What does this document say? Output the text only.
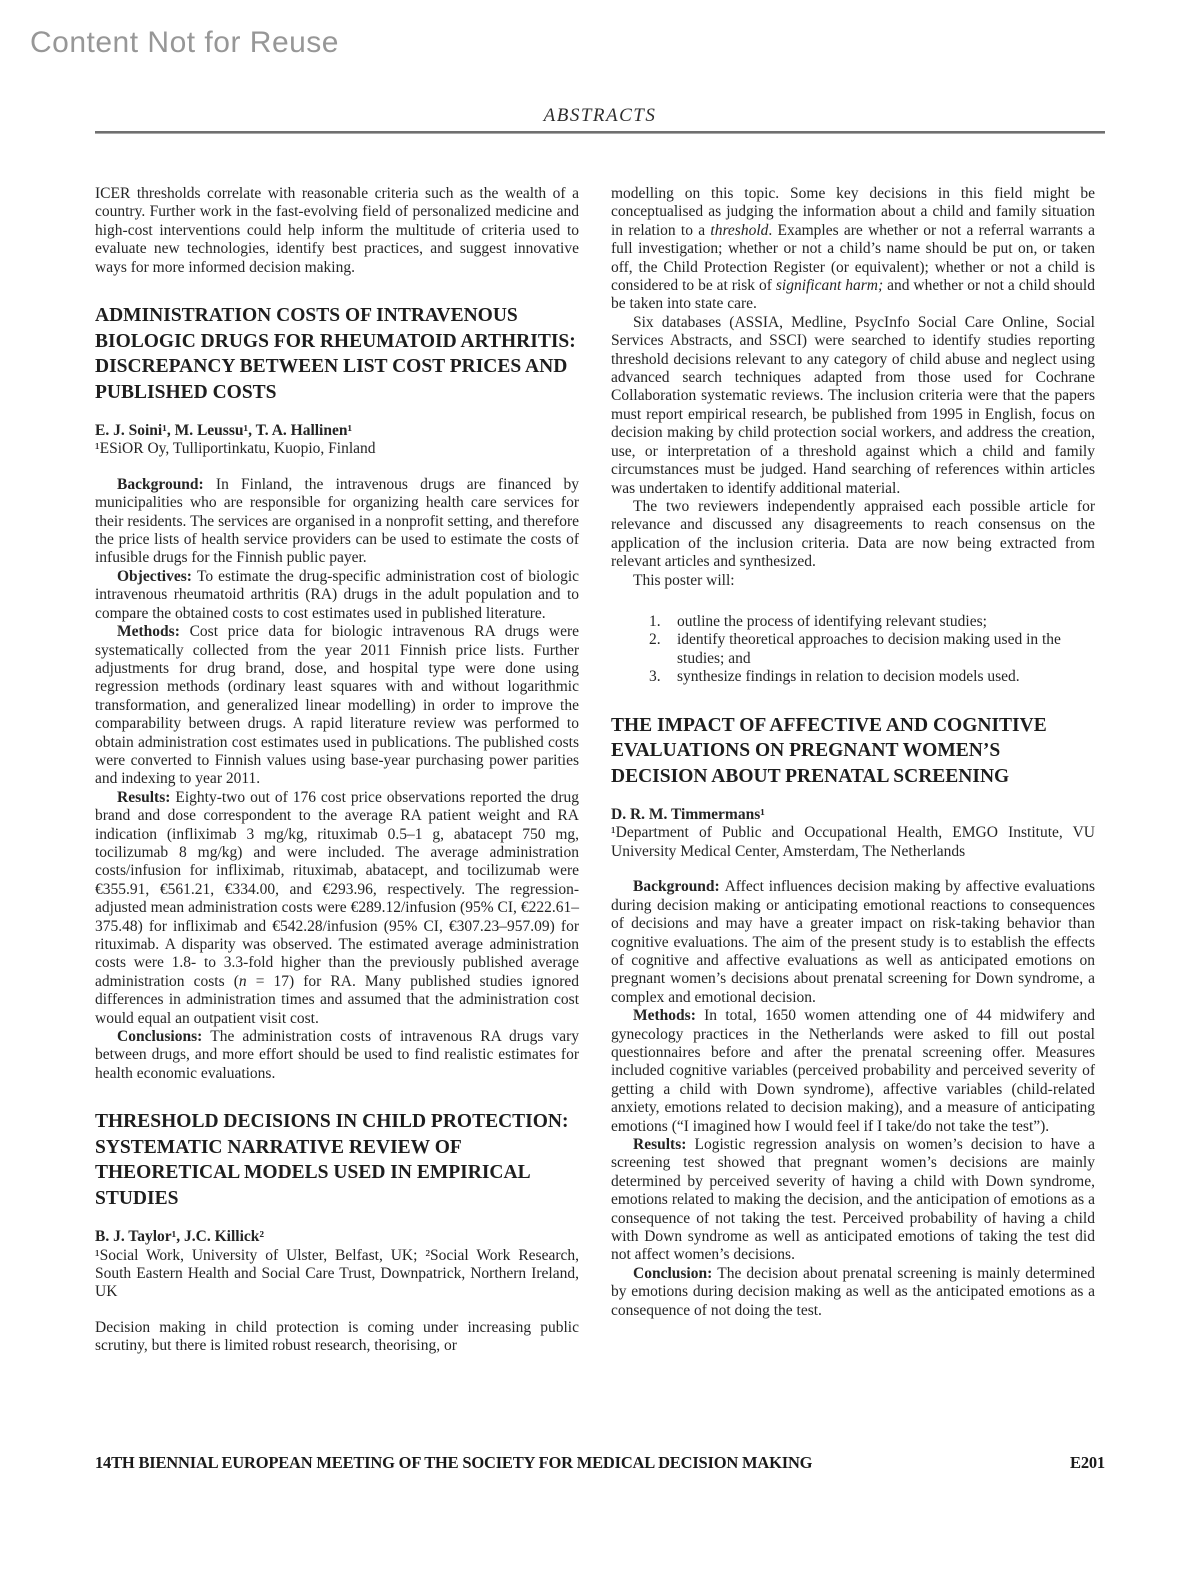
Content Not for Reuse
ABSTRACTS
ICER thresholds correlate with reasonable criteria such as the wealth of a country. Further work in the fast-evolving field of personalized medicine and high-cost interventions could help inform the multitude of criteria used to evaluate new technologies, identify best practices, and suggest innovative ways for more informed decision making.
ADMINISTRATION COSTS OF INTRAVENOUS BIOLOGIC DRUGS FOR RHEUMATOID ARTHRITIS: DISCREPANCY BETWEEN LIST COST PRICES AND PUBLISHED COSTS
E. J. Soini¹, M. Leussu¹, T. A. Hallinen¹
¹ESiOR Oy, Tulliportinkatu, Kuopio, Finland
Background: In Finland, the intravenous drugs are financed by municipalities who are responsible for organizing health care services for their residents. The services are organised in a nonprofit setting, and therefore the price lists of health service providers can be used to estimate the costs of infusible drugs for the Finnish public payer.
Objectives: To estimate the drug-specific administration cost of biologic intravenous rheumatoid arthritis (RA) drugs in the adult population and to compare the obtained costs to cost estimates used in published literature.
Methods: Cost price data for biologic intravenous RA drugs were systematically collected from the year 2011 Finnish price lists. Further adjustments for drug brand, dose, and hospital type were done using regression methods (ordinary least squares with and without logarithmic transformation, and generalized linear modelling) in order to improve the comparability between drugs. A rapid literature review was performed to obtain administration cost estimates used in publications. The published costs were converted to Finnish values using base-year purchasing power parities and indexing to year 2011.
Results: Eighty-two out of 176 cost price observations reported the drug brand and dose correspondent to the average RA patient weight and RA indication (infliximab 3 mg/kg, rituximab 0.5–1 g, abatacept 750 mg, tocilizumab 8 mg/kg) and were included. The average administration costs/infusion for infliximab, rituximab, abatacept, and tocilizumab were €355.91, €561.21, €334.00, and €293.96, respectively. The regression-adjusted mean administration costs were €289.12/infusion (95% CI, €222.61–375.48) for infliximab and €542.28/infusion (95% CI, €307.23–957.09) for rituximab. A disparity was observed. The estimated average administration costs were 1.8- to 3.3-fold higher than the previously published average administration costs (n = 17) for RA. Many published studies ignored differences in administration times and assumed that the administration cost would equal an outpatient visit cost.
Conclusions: The administration costs of intravenous RA drugs vary between drugs, and more effort should be used to find realistic estimates for health economic evaluations.
THRESHOLD DECISIONS IN CHILD PROTECTION: SYSTEMATIC NARRATIVE REVIEW OF THEORETICAL MODELS USED IN EMPIRICAL STUDIES
B. J. Taylor¹, J.C. Killick²
¹Social Work, University of Ulster, Belfast, UK; ²Social Work Research, South Eastern Health and Social Care Trust, Downpatrick, Northern Ireland, UK
Decision making in child protection is coming under increasing public scrutiny, but there is limited robust research, theorising, or
modelling on this topic. Some key decisions in this field might be conceptualised as judging the information about a child and family situation in relation to a threshold. Examples are whether or not a referral warrants a full investigation; whether or not a child’s name should be put on, or taken off, the Child Protection Register (or equivalent); whether or not a child is considered to be at risk of significant harm; and whether or not a child should be taken into state care.
Six databases (ASSIA, Medline, PsycInfo Social Care Online, Social Services Abstracts, and SSCI) were searched to identify studies reporting threshold decisions relevant to any category of child abuse and neglect using advanced search techniques adapted from those used for Cochrane Collaboration systematic reviews. The inclusion criteria were that the papers must report empirical research, be published from 1995 in English, focus on decision making by child protection social workers, and address the creation, use, or interpretation of a threshold against which a child and family circumstances must be judged. Hand searching of references within articles was undertaken to identify additional material.
The two reviewers independently appraised each possible article for relevance and discussed any disagreements to reach consensus on the application of the inclusion criteria. Data are now being extracted from relevant articles and synthesized.
This poster will:
1.	outline the process of identifying relevant studies;
2.	identify theoretical approaches to decision making used in the studies; and
3.	synthesize findings in relation to decision models used.
THE IMPACT OF AFFECTIVE AND COGNITIVE EVALUATIONS ON PREGNANT WOMEN’S DECISION ABOUT PRENATAL SCREENING
D. R. M. Timmermans¹
¹Department of Public and Occupational Health, EMGO Institute, VU University Medical Center, Amsterdam, The Netherlands
Background: Affect influences decision making by affective evaluations during decision making or anticipating emotional reactions to consequences of decisions and may have a greater impact on risk-taking behavior than cognitive evaluations. The aim of the present study is to establish the effects of cognitive and affective evaluations as well as anticipated emotions on pregnant women’s decisions about prenatal screening for Down syndrome, a complex and emotional decision.
Methods: In total, 1650 women attending one of 44 midwifery and gynecology practices in the Netherlands were asked to fill out postal questionnaires before and after the prenatal screening offer. Measures included cognitive variables (perceived probability and perceived severity of getting a child with Down syndrome), affective variables (child-related anxiety, emotions related to decision making), and a measure of anticipating emotions (“I imagined how I would feel if I take/do not take the test”).
Results: Logistic regression analysis on women’s decision to have a screening test showed that pregnant women’s decisions are mainly determined by perceived severity of having a child with Down syndrome, emotions related to making the decision, and the anticipation of emotions as a consequence of not taking the test. Perceived probability of having a child with Down syndrome as well as anticipated emotions of taking the test did not affect women’s decisions.
Conclusion: The decision about prenatal screening is mainly determined by emotions during decision making as well as the anticipated emotions as a consequence of not doing the test.
14TH BIENNIAL EUROPEAN MEETING OF THE SOCIETY FOR MEDICAL DECISION MAKING	E201
